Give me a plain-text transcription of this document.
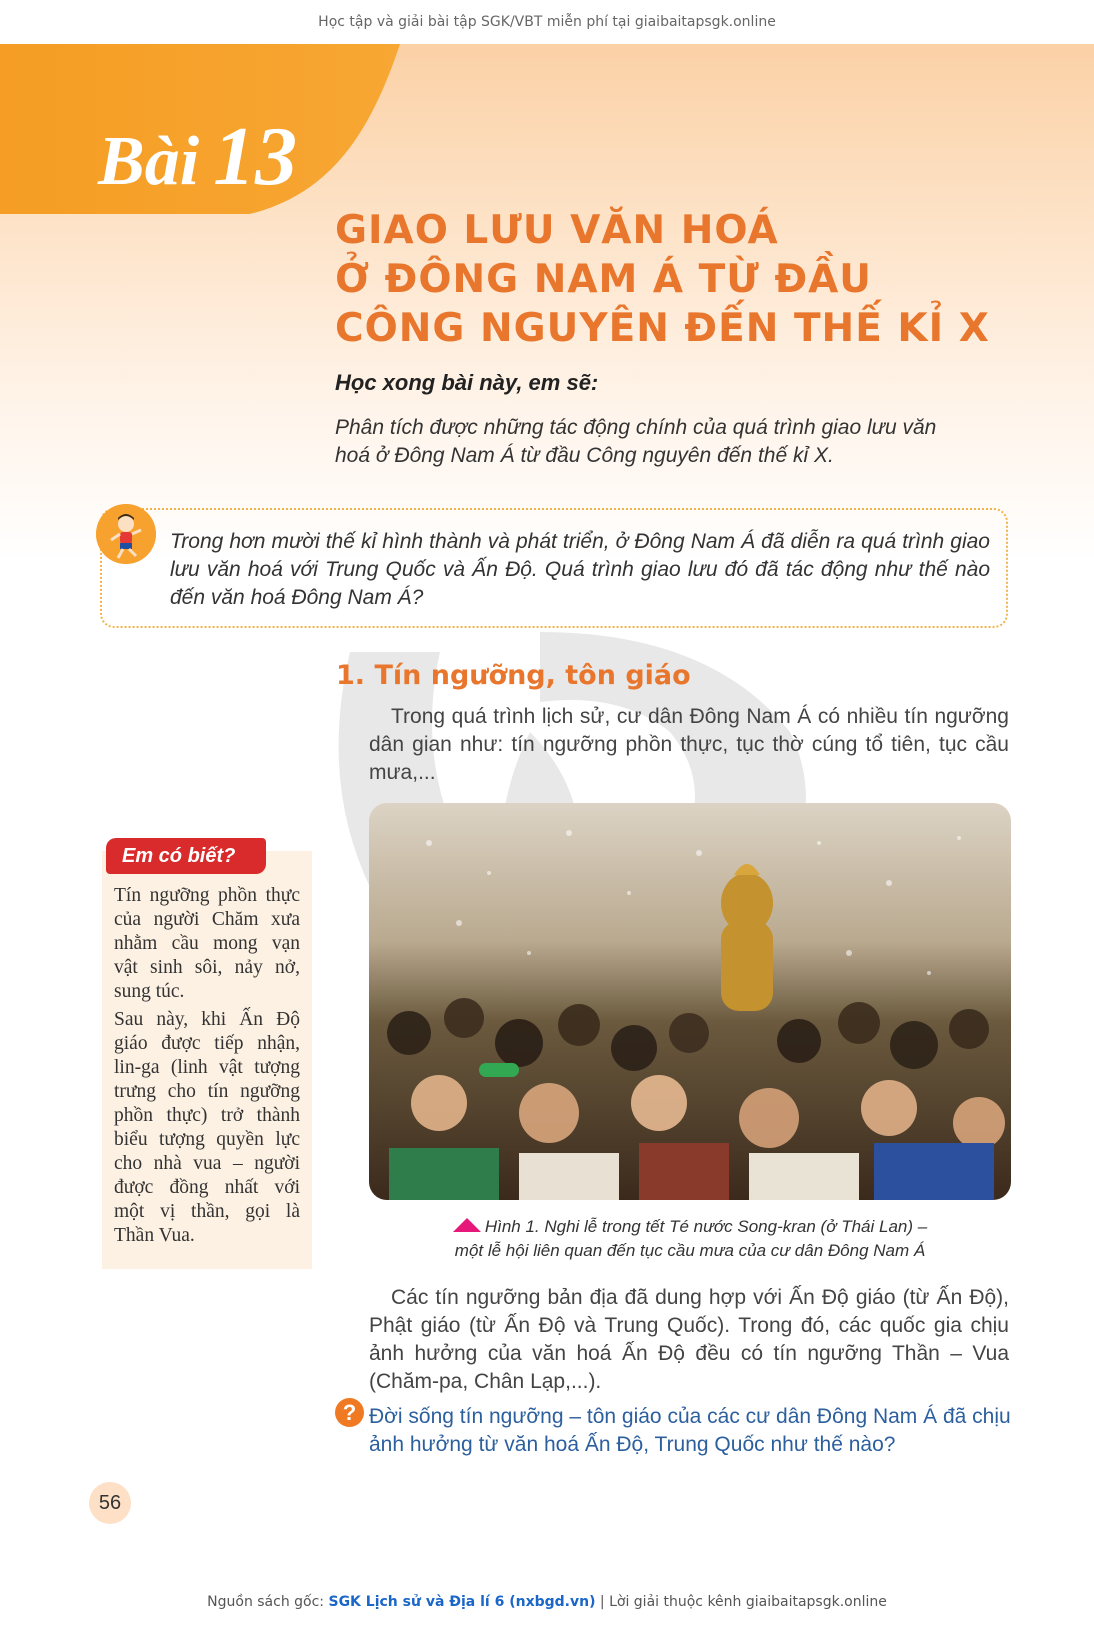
Học tập và giải bài tập SGK/VBT miễn phí tại giaibaitapsgk.online
Bài 13
GIAO LƯU VĂN HOÁ
Ở ĐÔNG NAM Á TỪ ĐẦU
CÔNG NGUYÊN ĐẾN THẾ KỈ X
Học xong bài này, em sẽ:
Phân tích được những tác động chính của quá trình giao lưu văn hoá ở Đông Nam Á từ đầu Công nguyên đến thế kỉ X.
Trong hơn mười thế kỉ hình thành và phát triển, ở Đông Nam Á đã diễn ra quá trình giao lưu văn hoá với Trung Quốc và Ấn Độ. Quá trình giao lưu đó đã tác động như thế nào đến văn hoá Đông Nam Á?
1. Tín ngưỡng, tôn giáo
Trong quá trình lịch sử, cư dân Đông Nam Á có nhiều tín ngưỡng dân gian như: tín ngưỡng phồn thực, tục thờ cúng tổ tiên, tục cầu mưa,...
Hình 1. Nghi lễ trong tết Té nước Song-kran (ở Thái Lan) –
một lễ hội liên quan đến tục cầu mưa của cư dân Đông Nam Á
Em có biết?

Tín ngưỡng phồn thực của người Chăm xưa nhằm cầu mong vạn vật sinh sôi, nảy nở, sung túc.

Sau này, khi Ấn Độ giáo được tiếp nhận, lin-ga (linh vật tượng trưng cho tín ngưỡng phồn thực) trở thành biểu tượng quyền lực cho nhà vua – người được đồng nhất với một vị thần, gọi là Thần Vua.

Các tín ngưỡng bản địa đã dung hợp với Ấn Độ giáo (từ Ấn Độ), Phật giáo (từ Ấn Độ và Trung Quốc). Trong đó, các quốc gia chịu ảnh hưởng của văn hoá Ấn Độ đều có tín ngưỡng Thần – Vua (Chăm-pa, Chân Lạp,...).
? Đời sống tín ngưỡng – tôn giáo của các cư dân Đông Nam Á đã chịu ảnh hưởng từ văn hoá Ấn Độ, Trung Quốc như thế nào?
56
Nguồn sách gốc: SGK Lịch sử và Địa lí 6 (nxbgd.vn) | Lời giải thuộc kênh giaibaitapsgk.online
